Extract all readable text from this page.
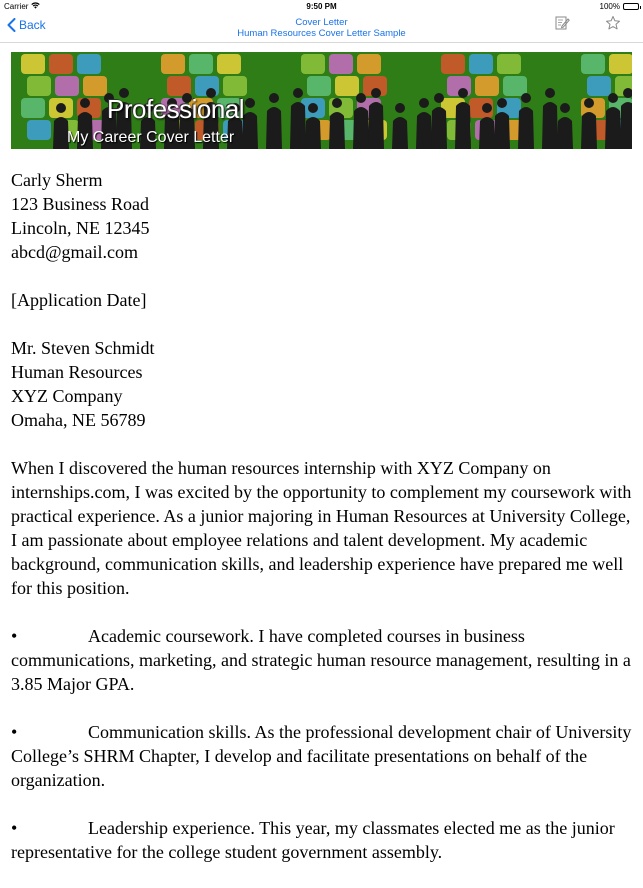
Carrier	9:50 PM	100%
Back	Cover Letter
Human Resources Cover Letter Sample
Professional
My Career Cover Letter

Carly Sherm
123 Business Road
Lincoln, NE 12345
abcd@gmail.com

[Application Date]

Mr. Steven Schmidt
Human Resources
XYZ Company
Omaha, NE 56789

When I discovered the human resources internship with XYZ Company on internships.com, I was excited by the opportunity to complement my coursework with practical experience. As a junior majoring in Human Resources at University College, I am passionate about employee relations and talent development. My academic background, communication skills, and leadership experience have prepared me well for this position.

•	Academic coursework. I have completed courses in business communications, marketing, and strategic human resource management, resulting in a 3.85 Major GPA.

•	Communication skills. As the professional development chair of University College’s SHRM Chapter, I develop and facilitate presentations on behalf of the organization.

•	Leadership experience. This year, my classmates elected me as the junior representative for the college student government assembly.
